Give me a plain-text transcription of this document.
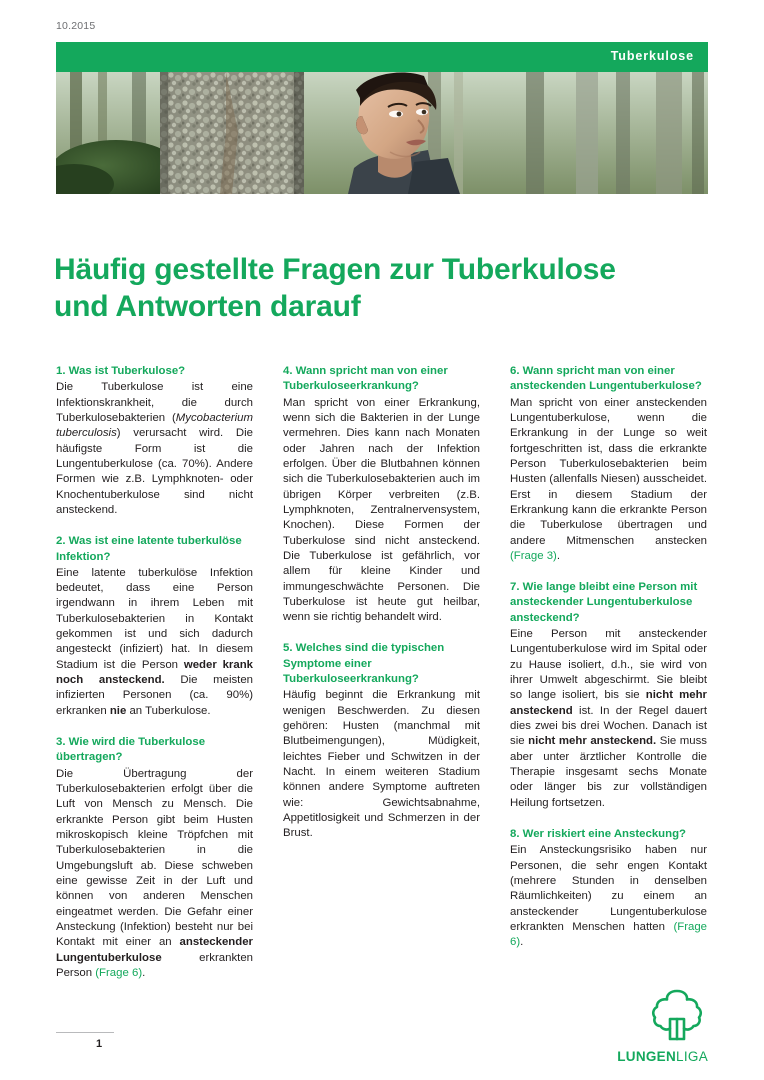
10.2015
Tuberkulose
Häufig gestellte Fragen zur Tuberkulose
und Antworten darauf
1. Was ist Tuberkulose?

Die Tuberkulose ist eine Infektionskrankheit, die durch Tuberkulosebakterien (Mycobacterium tuberculosis) verursacht wird. Die häufigste Form ist die Lungentuberkulose (ca. 70%). Andere Formen wie z.B. Lymphknoten- oder Knochentuberkulose sind nicht ansteckend.

2. Was ist eine latente tuberkulöse Infektion?

Eine latente tuberkulöse Infektion bedeutet, dass eine Person irgendwann in ihrem Leben mit Tuberkulosebakterien in Kontakt gekommen ist und sich dadurch angesteckt (infiziert) hat. In diesem Stadium ist die Person weder krank noch ansteckend. Die meisten infizierten Personen (ca. 90%) erkranken nie an Tuberkulose.

3. Wie wird die Tuberkulose übertragen?

Die Übertragung der Tuberkulosebakterien erfolgt über die Luft von Mensch zu Mensch. Die erkrankte Person gibt beim Husten mikroskopisch kleine Tröpfchen mit Tuberkulosebakterien in die Umgebungsluft ab. Diese schweben eine gewisse Zeit in der Luft und können von anderen Menschen eingeatmet werden. Die Gefahr einer Ansteckung (Infektion) besteht nur bei Kontakt mit einer an ansteckender Lungentuberkulose erkrankten Person (Frage 6).

4. Wann spricht man von einer Tuberkuloseerkrankung?

Man spricht von einer Erkrankung, wenn sich die Bakterien in der Lunge vermehren. Dies kann nach Monaten oder Jahren nach der Infektion erfolgen. Über die Blutbahnen können sich die Tuberkulosebakterien auch im übrigen Körper verbreiten (z.B. Lymphknoten, Zentralnervensystem, Knochen). Diese Formen der Tuberkulose sind nicht ansteckend. Die Tuberkulose ist gefährlich, vor allem für kleine Kinder und immungeschwächte Personen. Die Tuberkulose ist heute gut heilbar, wenn sie richtig behandelt wird.

5. Welches sind die typischen Symptome einer Tuberkuloseerkrankung?

Häufig beginnt die Erkrankung mit wenigen Beschwerden. Zu diesen gehören: Husten (manchmal mit Blutbeimengungen), Müdigkeit, leichtes Fieber und Schwitzen in der Nacht. In einem weiteren Stadium können andere Symptome auftreten wie: Gewichtsabnahme, Appetitlosigkeit und Schmerzen in der Brust.

6. Wann spricht man von einer ansteckenden Lungentuberkulose?

Man spricht von einer ansteckenden Lungentuberkulose, wenn die Erkrankung in der Lunge so weit fortgeschritten ist, dass die erkrankte Person Tuberkulosebakterien beim Husten (allenfalls Niesen) ausscheidet. Erst in diesem Stadium der Erkrankung kann die erkrankte Person die Tuberkulose übertragen und andere Mitmenschen anstecken (Frage 3).

7. Wie lange bleibt eine Person mit ansteckender Lungentuberkulose ansteckend?

Eine Person mit ansteckender Lungentuberkulose wird im Spital oder zu Hause isoliert, d.h., sie wird von ihrer Umwelt abgeschirmt. Sie bleibt so lange isoliert, bis sie nicht mehr ansteckend ist. In der Regel dauert dies zwei bis drei Wochen. Danach ist sie nicht mehr ansteckend. Sie muss aber unter ärztlicher Kontrolle die Therapie insgesamt sechs Monate oder länger bis zur vollständigen Heilung fortsetzen.

8. Wer riskiert eine Ansteckung?

Ein Ansteckungsrisiko haben nur Personen, die sehr engen Kontakt (mehrere Stunden in denselben Räumlichkeiten) zu einem an ansteckender Lungentuberkulose erkrankten Menschen hatten (Frage 6).

1
LUNGENLIGA
